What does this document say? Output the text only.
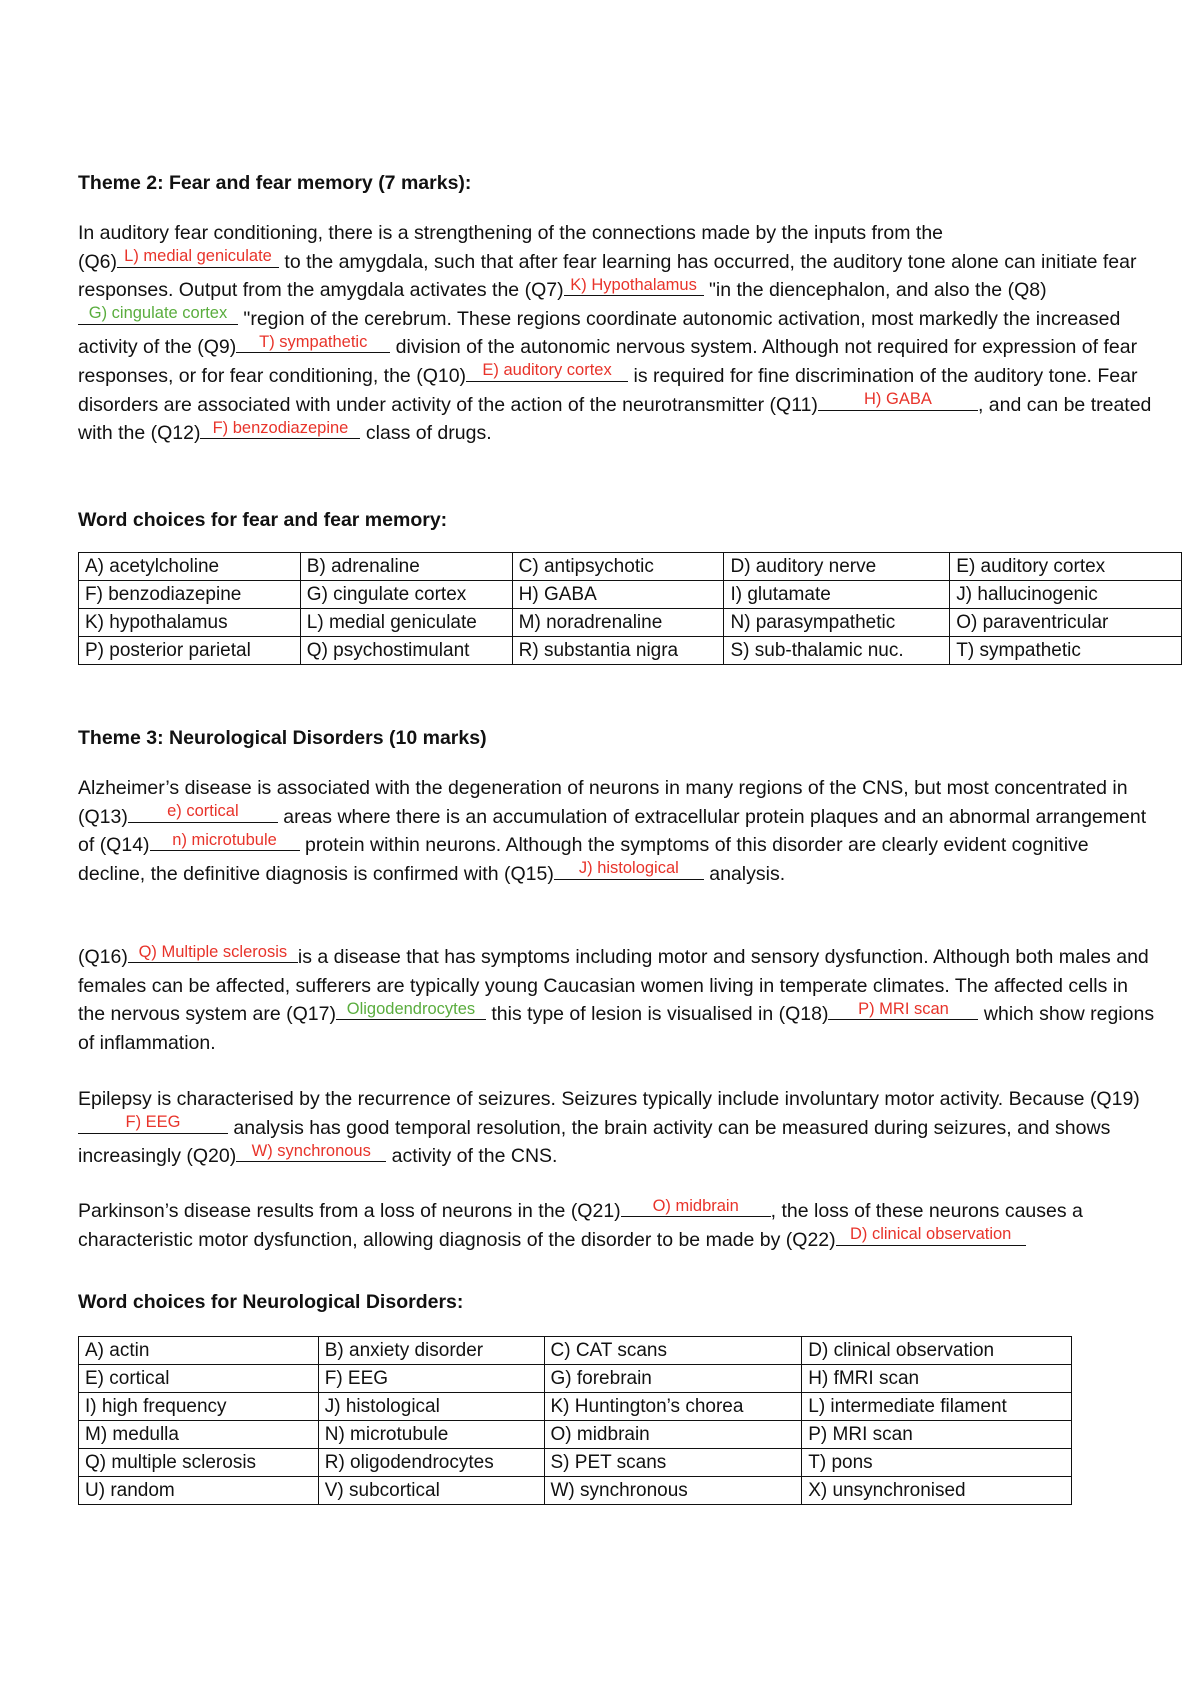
Theme 2: Fear and fear memory (7 marks):

In auditory fear conditioning, there is a strengthening of the connections made by the inputs from the
(Q6) L) medial geniculate to the amygdala, such that after fear learning has occurred, the auditory tone alone can initiate fear responses. Output from the amygdala activates the (Q7) K) Hypothalamus "in the diencephalon, and also the (Q8)
G) cingulate cortex "region of the cerebrum. These regions coordinate autonomic activation, most markedly the increased activity of the (Q9)	T) sympathetic	division of the autonomic nervous system. Although not required for expression of fear responses, or for fear conditioning, the (Q10) E) auditory cortex	is required for fine discrimination of the auditory tone. Fear disorders are associated with under activity of the action of the neurotransmitter (Q11)	H) GABA	, and can be treated with the (Q12) F) benzodiazepine class of drugs.

Word choices for fear and fear memory:
A) acetylcholine	B) adrenaline	C) antipsychotic	D) auditory nerve	E) auditory cortex
F) benzodiazepine	G) cingulate cortex	H) GABA	I) glutamate	J) hallucinogenic
K) hypothalamus	L) medial geniculate	M) noradrenaline	N) parasympathetic	O) paraventricular
P) posterior parietal	Q) psychostimulant	R) substantia nigra	S) sub-thalamic nuc.	T) sympathetic
Theme 3: Neurological Disorders (10 marks)

Alzheimer’s disease is associated with the degeneration of neurons in many regions of the CNS, but most concentrated in (Q13)	e) cortical	areas where there is an accumulation of extracellular protein plaques and an abnormal arrangement of (Q14)	n) microtubule	protein within neurons. Although the symptoms of this disorder are clearly evident cognitive decline, the definitive diagnosis is confirmed with (Q15)	J) histological	analysis.

(Q16) Q) Multiple sclerosis is a disease that has symptoms including motor and sensory dysfunction. Although both males and females can be affected, sufferers are typically young Caucasian women living in temperate climates. The affected cells in the nervous system are (Q17) Oligodendrocytes this type of lesion is visualised in (Q18)	P) MRI scan	which show regions of inflammation.

Epilepsy is characterised by the recurrence of seizures. Seizures typically include involuntary motor activity. Because (Q19)
F) EEG	analysis has good temporal resolution, the brain activity can be measured during seizures, and shows increasingly (Q20) W) synchronous	activity of the CNS.

Parkinson’s disease results from a loss of neurons in the (Q21)	O) midbrain	, the loss of these neurons causes a characteristic motor dysfunction, allowing diagnosis of the disorder to be made by (Q22) D) clinical observation

Word choices for Neurological Disorders:
A) actin	B) anxiety disorder	C) CAT scans	D) clinical observation
E) cortical	F) EEG	G) forebrain	H) fMRI scan
I) high frequency	J) histological	K) Huntington’s chorea	L) intermediate filament
M) medulla	N) microtubule	O) midbrain	P) MRI scan
Q) multiple sclerosis	R) oligodendrocytes	S) PET scans	T) pons
U) random	V) subcortical	W) synchronous	X) unsynchronised
